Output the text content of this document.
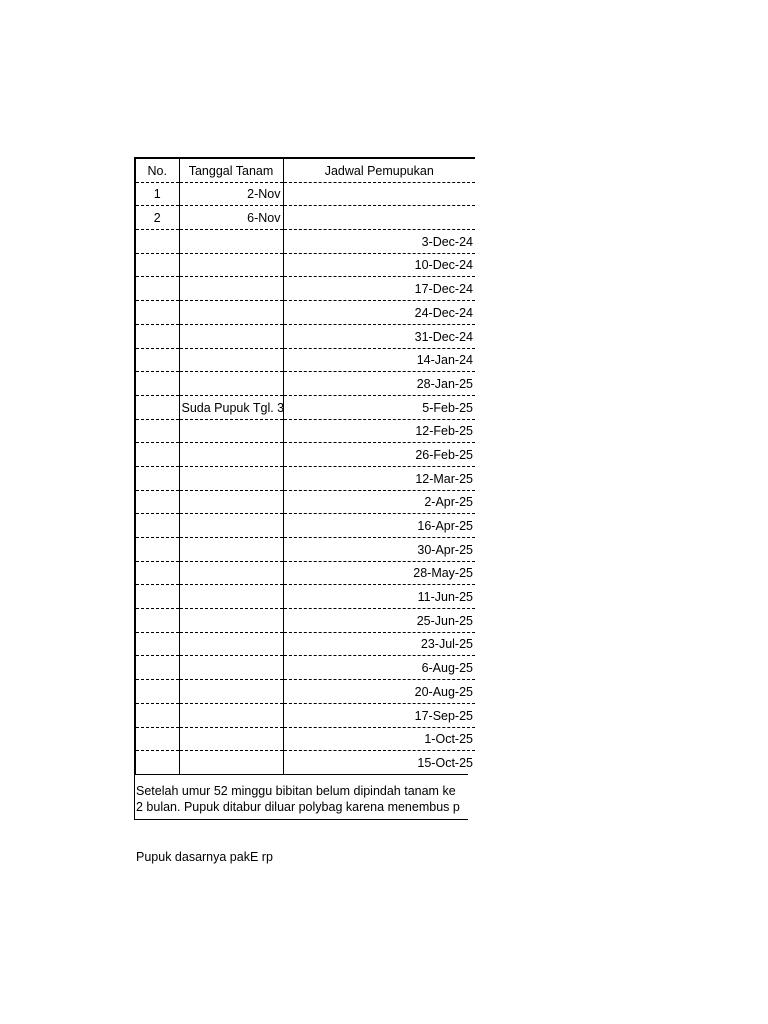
No.	Tanggal Tanam	Jadwal Pemupukan
1	2-Nov	
2	6-Nov	
		3-Dec-24
		10-Dec-24
		17-Dec-24
		24-Dec-24
		31-Dec-24
		14-Jan-24
		28-Jan-25
	Suda Pupuk Tgl. 3	5-Feb-25
		12-Feb-25
		26-Feb-25
		12-Mar-25
		2-Apr-25
		16-Apr-25
		30-Apr-25
		28-May-25
		11-Jun-25
		25-Jun-25
		23-Jul-25
		6-Aug-25
		20-Aug-25
		17-Sep-25
		1-Oct-25
		15-Oct-25
Setelah umur 52 minggu bibitan belum dipindah tanam ke
2 bulan. Pupuk ditabur diluar polybag karena menembus p
Pupuk dasarnya pakE rp
